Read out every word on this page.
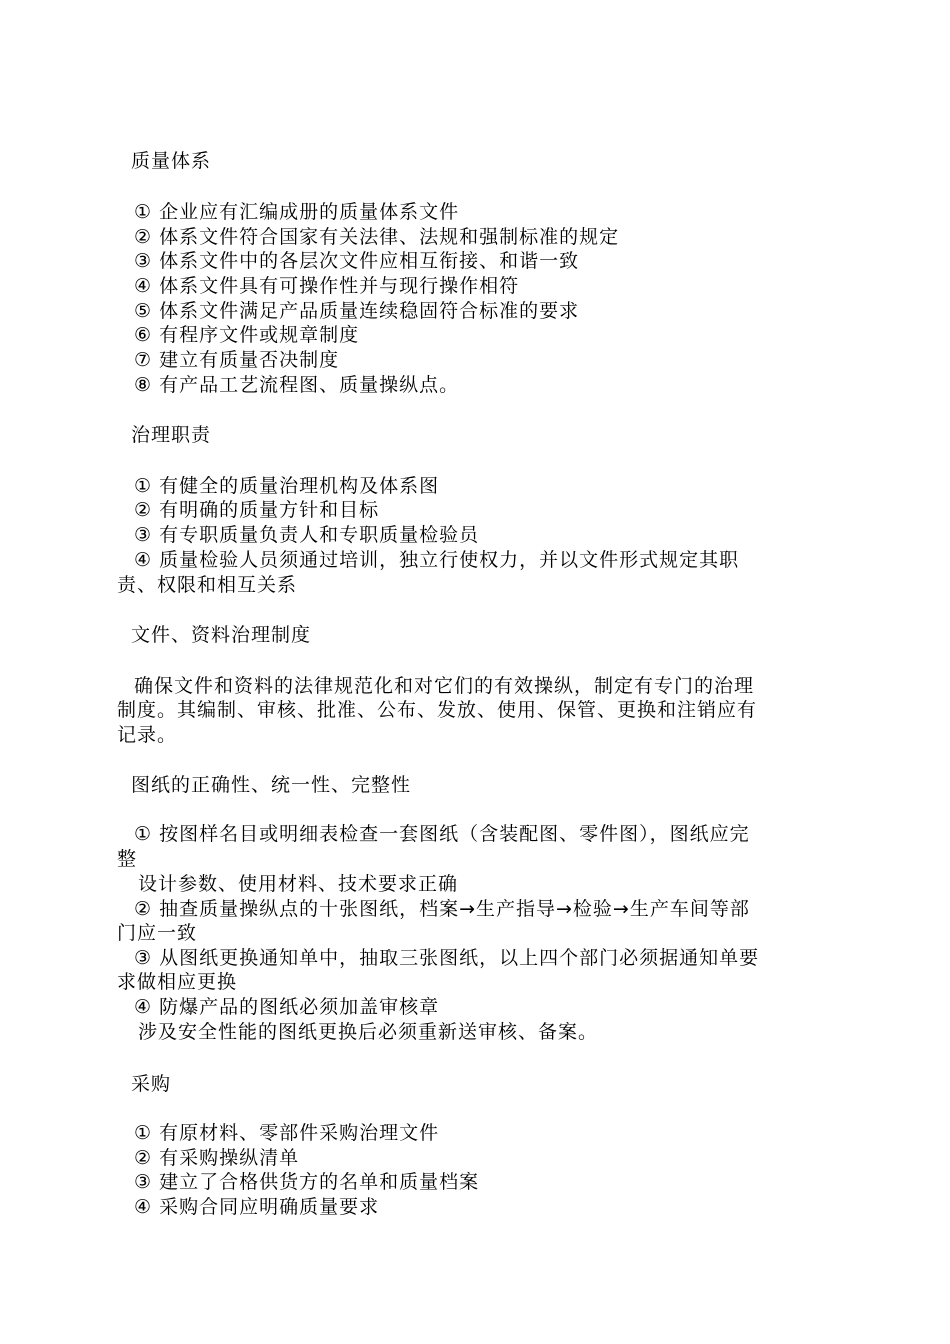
质量体系
① 企业应有汇编成册的质量体系文件
② 体系文件符合国家有关法律、法规和强制标准的规定
③ 体系文件中的各层次文件应相互衔接、和谐一致
④ 体系文件具有可操作性并与现行操作相符
⑤ 体系文件满足产品质量连续稳固符合标准的要求
⑥ 有程序文件或规章制度
⑦ 建立有质量否决制度
⑧ 有产品工艺流程图、质量操纵点。
治理职责
① 有健全的质量治理机构及体系图
② 有明确的质量方针和目标
③ 有专职质量负责人和专职质量检验员
④ 质量检验人员须通过培训，独立行使权力，并以文件形式规定其职
责、权限和相互关系
文件、资料治理制度
确保文件和资料的法律规范化和对它们的有效操纵，制定有专门的治理
制度。其编制、审核、批准、公布、发放、使用、保管、更换和注销应有
记录。
图纸的正确性、统一性、完整性
① 按图样名目或明细表检查一套图纸（含装配图、零件图），图纸应完
整
设计参数、使用材料、技术要求正确
② 抽查质量操纵点的十张图纸，档案→生产指导→检验→生产车间等部
门应一致
③ 从图纸更换通知单中，抽取三张图纸，以上四个部门必须据通知单要
求做相应更换
④ 防爆产品的图纸必须加盖审核章
涉及安全性能的图纸更换后必须重新送审核、备案。
采购
① 有原材料、零部件采购治理文件
② 有采购操纵清单
③ 建立了合格供货方的名单和质量档案
④ 采购合同应明确质量要求
